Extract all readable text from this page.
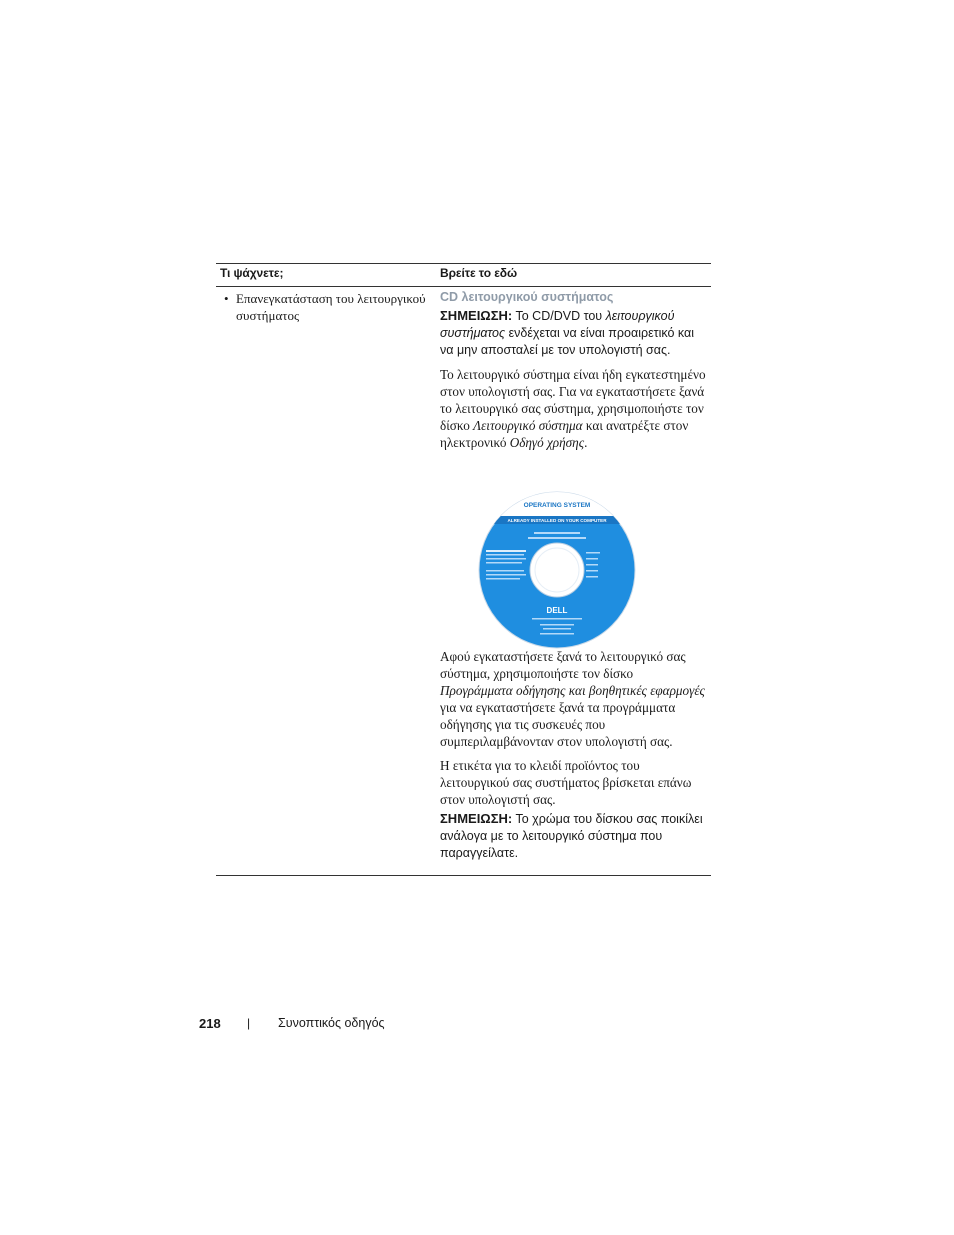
Τι ψάχνετε;	Βρείτε το εδώ
• Επανεγκατάσταση του λειτουργικού συστήματος
CD λειτουργικού συστήματος
ΣΗΜΕΙΩΣΗ: Το CD/DVD του λειτουργικού συστήματος ενδέχεται να είναι προαιρετικό και να μην αποσταλεί με τον υπολογιστή σας.
Το λειτουργικό σύστημα είναι ήδη εγκατεστημένο στον υπολογιστή σας. Για να εγκαταστήσετε ξανά το λειτουργικό σας σύστημα, χρησιμοποιήστε τον δίσκο Λειτουργικό σύστημα και ανατρέξτε στον ηλεκτρονικό Οδηγό χρήσης.
OPERATING SYSTEM
ALREADY INSTALLED ON YOUR COMPUTER
DELL
Αφού εγκαταστήσετε ξανά το λειτουργικό σας σύστημα, χρησιμοποιήστε τον δίσκο Προγράμματα οδήγησης και βοηθητικές εφαρμογές για να εγκαταστήσετε ξανά τα προγράμματα οδήγησης για τις συσκευές που συμπεριλαμβάνονταν στον υπολογιστή σας.
Η ετικέτα για το κλειδί προϊόντος του λειτουργικού σας συστήματος βρίσκεται επάνω στον υπολογιστή σας.
ΣΗΜΕΙΩΣΗ: Το χρώμα του δίσκου σας ποικίλει ανάλογα με το λειτουργικό σύστημα που παραγγείλατε.
218 | Συνοπτικός οδηγός
